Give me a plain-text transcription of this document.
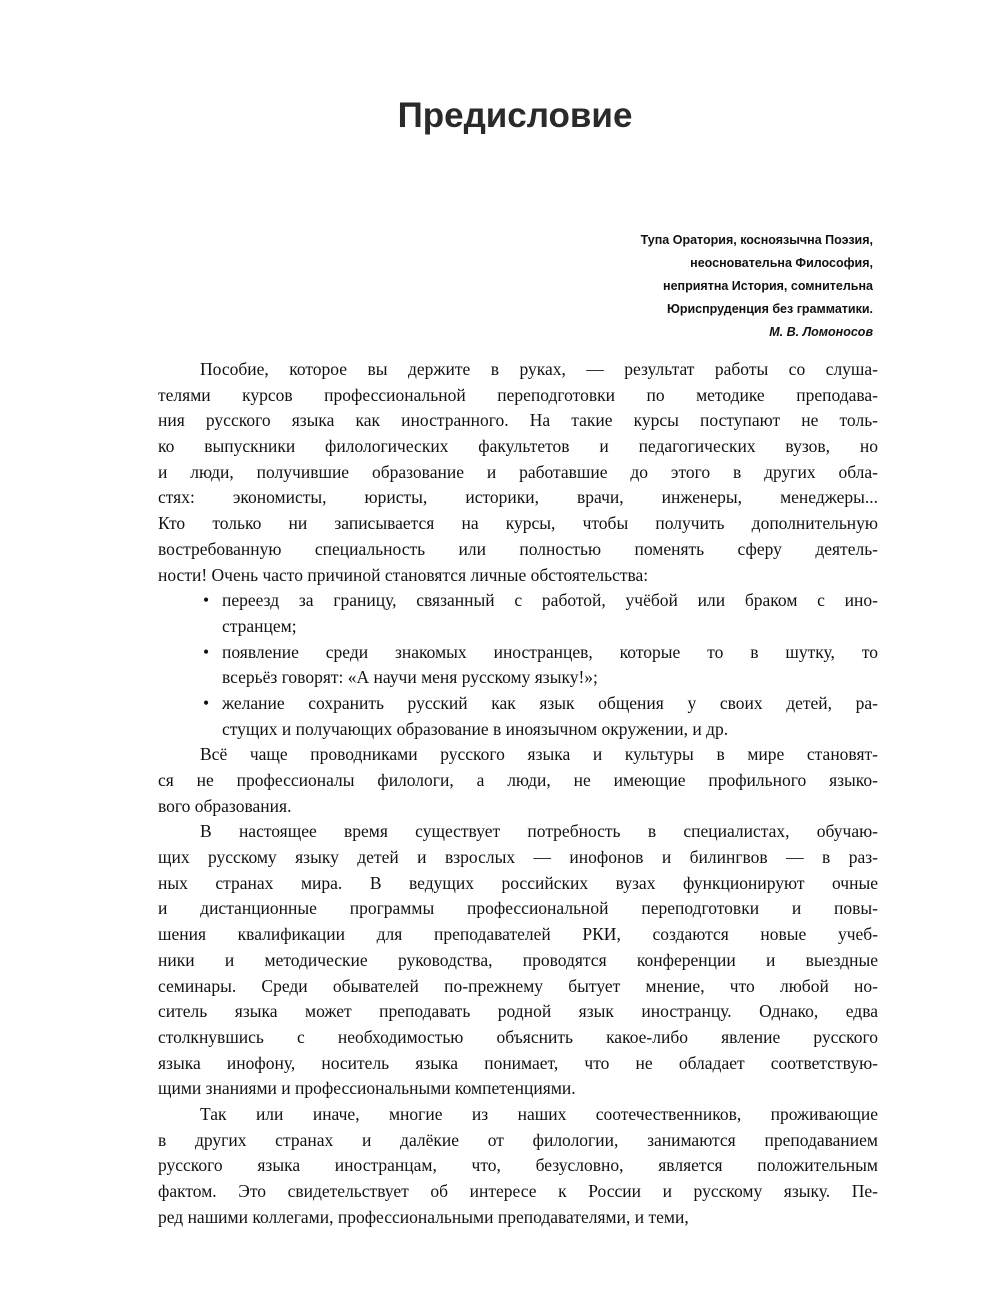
Предисловие
Тупа Оратория, косноязычна Поэзия,
неосновательна Философия,
неприятна История, сомнительна
Юриспруденция без грамматики.
М. В. Ломоносов
Пособие, которое вы держите в руках, — результат работы со слуша-
телями курсов профессиональной переподготовки по методике преподава-
ния русского языка как иностранного. На такие курсы поступают не толь-
ко выпускники филологических факультетов и педагогических вузов, но
и люди, получившие образование и работавшие до этого в других обла-
стях: экономисты, юристы, историки, врачи, инженеры, менеджеры...
Кто только ни записывается на курсы, чтобы получить дополнительную
востребованную специальность или полностью поменять сферу деятель-
ности! Очень часто причиной становятся личные обстоятельства:
• переезд за границу, связанный с работой, учёбой или браком с ино-
странцем;
• появление среди знакомых иностранцев, которые то в шутку, то
всерьёз говорят: «А научи меня русскому языку!»;
• желание сохранить русский как язык общения у своих детей, ра-
стущих и получающих образование в иноязычном окружении, и др.
Всё чаще проводниками русского языка и культуры в мире становят-
ся не профессионалы филологи, а люди, не имеющие профильного языко-
вого образования.
В настоящее время существует потребность в специалистах, обучаю-
щих русскому языку детей и взрослых — инофонов и билингвов — в раз-
ных странах мира. В ведущих российских вузах функционируют очные
и дистанционные программы профессиональной переподготовки и повы-
шения квалификации для преподавателей РКИ, создаются новые учеб-
ники и методические руководства, проводятся конференции и выездные
семинары. Среди обывателей по-прежнему бытует мнение, что любой но-
ситель языка может преподавать родной язык иностранцу. Однако, едва
столкнувшись с необходимостью объяснить какое-либо явление русского
языка инофону, носитель языка понимает, что не обладает соответствую-
щими знаниями и профессиональными компетенциями.
Так или иначе, многие из наших соотечественников, проживающие
в других странах и далёкие от филологии, занимаются преподаванием
русского языка иностранцам, что, безусловно, является положительным
фактом. Это свидетельствует об интересе к России и русскому языку. Пе-
ред нашими коллегами, профессиональными преподавателями, и теми,
